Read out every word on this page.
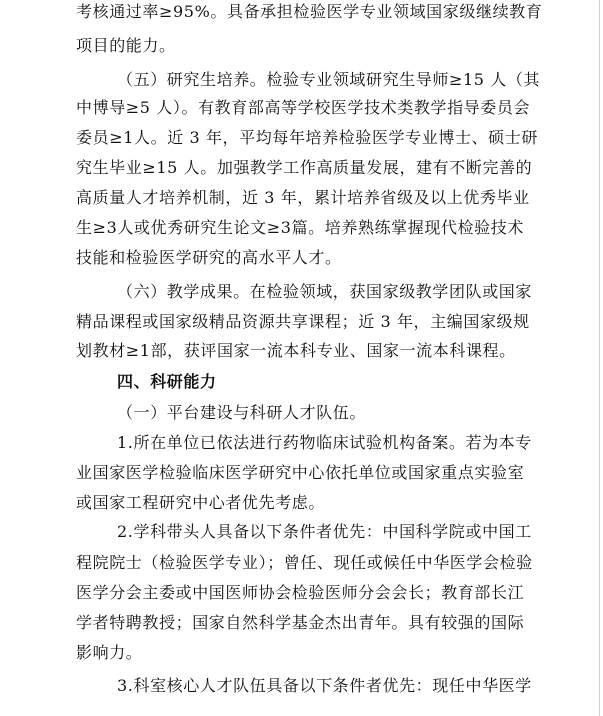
考核通过率≥95%。具备承担检验医学专业领域国家级继续教育
项目的能力。
（五）研究生培养。检验专业领域研究生导师≥15 人（其
中博导≥5 人）。有教育部高等学校医学技术类教学指导委员会
委员≥1人。近 3 年，平均每年培养检验医学专业博士、硕士研
究生毕业≥15 人。加强教学工作高质量发展，建有不断完善的
高质量人才培养机制，近 3 年，累计培养省级及以上优秀毕业
生≥3人或优秀研究生论文≥3篇。培养熟练掌握现代检验技术
技能和检验医学研究的高水平人才。
（六）教学成果。在检验领域，获国家级教学团队或国家
精品课程或国家级精品资源共享课程；近 3 年，主编国家级规
划教材≥1部，获评国家一流本科专业、国家一流本科课程。
四、科研能力
（一）平台建设与科研人才队伍。
1.所在单位已依法进行药物临床试验机构备案。若为本专
业国家医学检验临床医学研究中心依托单位或国家重点实验室
或国家工程研究中心者优先考虑。
2.学科带头人具备以下条件者优先：中国科学院或中国工
程院院士（检验医学专业）；曾任、现任或候任中华医学会检验
医学分会主委或中国医师协会检验医师分会会长；教育部长江
学者特聘教授；国家自然科学基金杰出青年。具有较强的国际
影响力。
3.科室核心人才队伍具备以下条件者优先：现任中华医学
